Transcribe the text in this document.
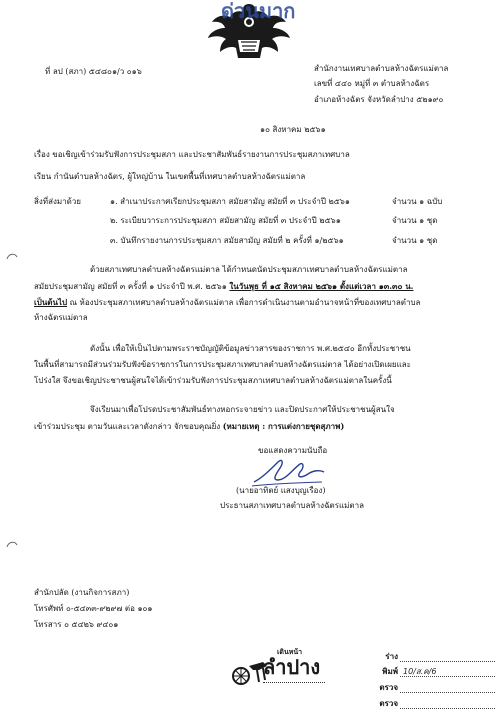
ด่วนมาก
ที่ ลป (สภา) ๕๔๘๐๑/ว ๐๑๖	สำนักงานเทศบาลตำบลห้างฉัตรแม่ตาล
เลขที่ ๔๔๐ หมู่ที่ ๓ ตำบลห้างฉัตร
อำเภอห้างฉัตร จังหวัดลำปาง ๕๒๑๙๐
๑๐ สิงหาคม ๒๕๖๑
เรื่อง ขอเชิญเข้าร่วมรับฟังการประชุมสภา และประชาสัมพันธ์รายงานการประชุมสภาเทศบาล
เรียน กำนันตำบลห้างฉัตร, ผู้ใหญ่บ้าน ในเขตพื้นที่เทศบาลตำบลห้างฉัตรแม่ตาล
สิ่งที่ส่งมาด้วย	๑. สำเนาประกาศเรียกประชุมสภา สมัยสามัญ สมัยที่ ๓ ประจำปี ๒๕๖๑	จำนวน ๑ ฉบับ
๒. ระเบียบวาระการประชุมสภา สมัยสามัญ สมัยที่ ๓ ประจำปี ๒๕๖๑	จำนวน ๑ ชุด
๓. บันทึกรายงานการประชุมสภา สมัยสามัญ สมัยที่ ๒ ครั้งที่ ๑/๒๕๖๑	จำนวน ๑ ชุด
ด้วยสภาเทศบาลตำบลห้างฉัตรแม่ตาล ได้กำหนดนัดประชุมสภาเทศบาลตำบลห้างฉัตรแม่ตาล
สมัยประชุมสามัญ สมัยที่ ๓ ครั้งที่ ๑ ประจำปี พ.ศ. ๒๕๖๑ ในวันพุธ ที่ ๑๕ สิงหาคม ๒๕๖๑ ตั้งแต่เวลา ๑๓.๓๐ น.
เป็นต้นไป ณ ห้องประชุมสภาเทศบาลตำบลห้างฉัตรแม่ตาล เพื่อการดำเนินงานตามอำนาจหน้าที่ของเทศบาลตำบล
ห้างฉัตรแม่ตาล
ดังนั้น เพื่อให้เป็นไปตามพระราชบัญญัติข้อมูลข่าวสารของราชการ พ.ศ.๒๕๔๐ อีกทั้งประชาชน
ในพื้นที่สามารถมีส่วนร่วมรับฟังข้อราชการในการประชุมสภาเทศบาลตำบลห้างฉัตรแม่ตาล ได้อย่างเปิดเผยและ
โปร่งใส จึงขอเชิญประชาชนผู้สนใจได้เข้าร่วมรับฟังการประชุมสภาเทศบาลตำบลห้างฉัตรแม่ตาลในครั้งนี้
จึงเรียนมาเพื่อโปรดประชาสัมพันธ์ทางหอกระจายข่าว และปิดประกาศให้ประชาชนผู้สนใจ
เข้าร่วมประชุม ตามวันและเวลาดังกล่าว จักขอบคุณยิ่ง (หมายเหตุ : การแต่งกายชุดสุภาพ)
ขอแสดงความนับถือ
(นายอาทิตย์ แสงบุญเรือง)
ประธานสภาเทศบาลตำบลห้างฉัตรแม่ตาล
สำนักปลัด (งานกิจการสภา)
โทรศัพท์ ๐-๕๔๓๓-๙๒๙๗ ต่อ ๑๐๑
โทรสาร ๐ ๕๔๒๖ ๙๔๐๑
เดินหน้า
ลำปาง	ร่าง
พิมพ์ 10/ส.ค/6
ตรวจ
ตรวจ
